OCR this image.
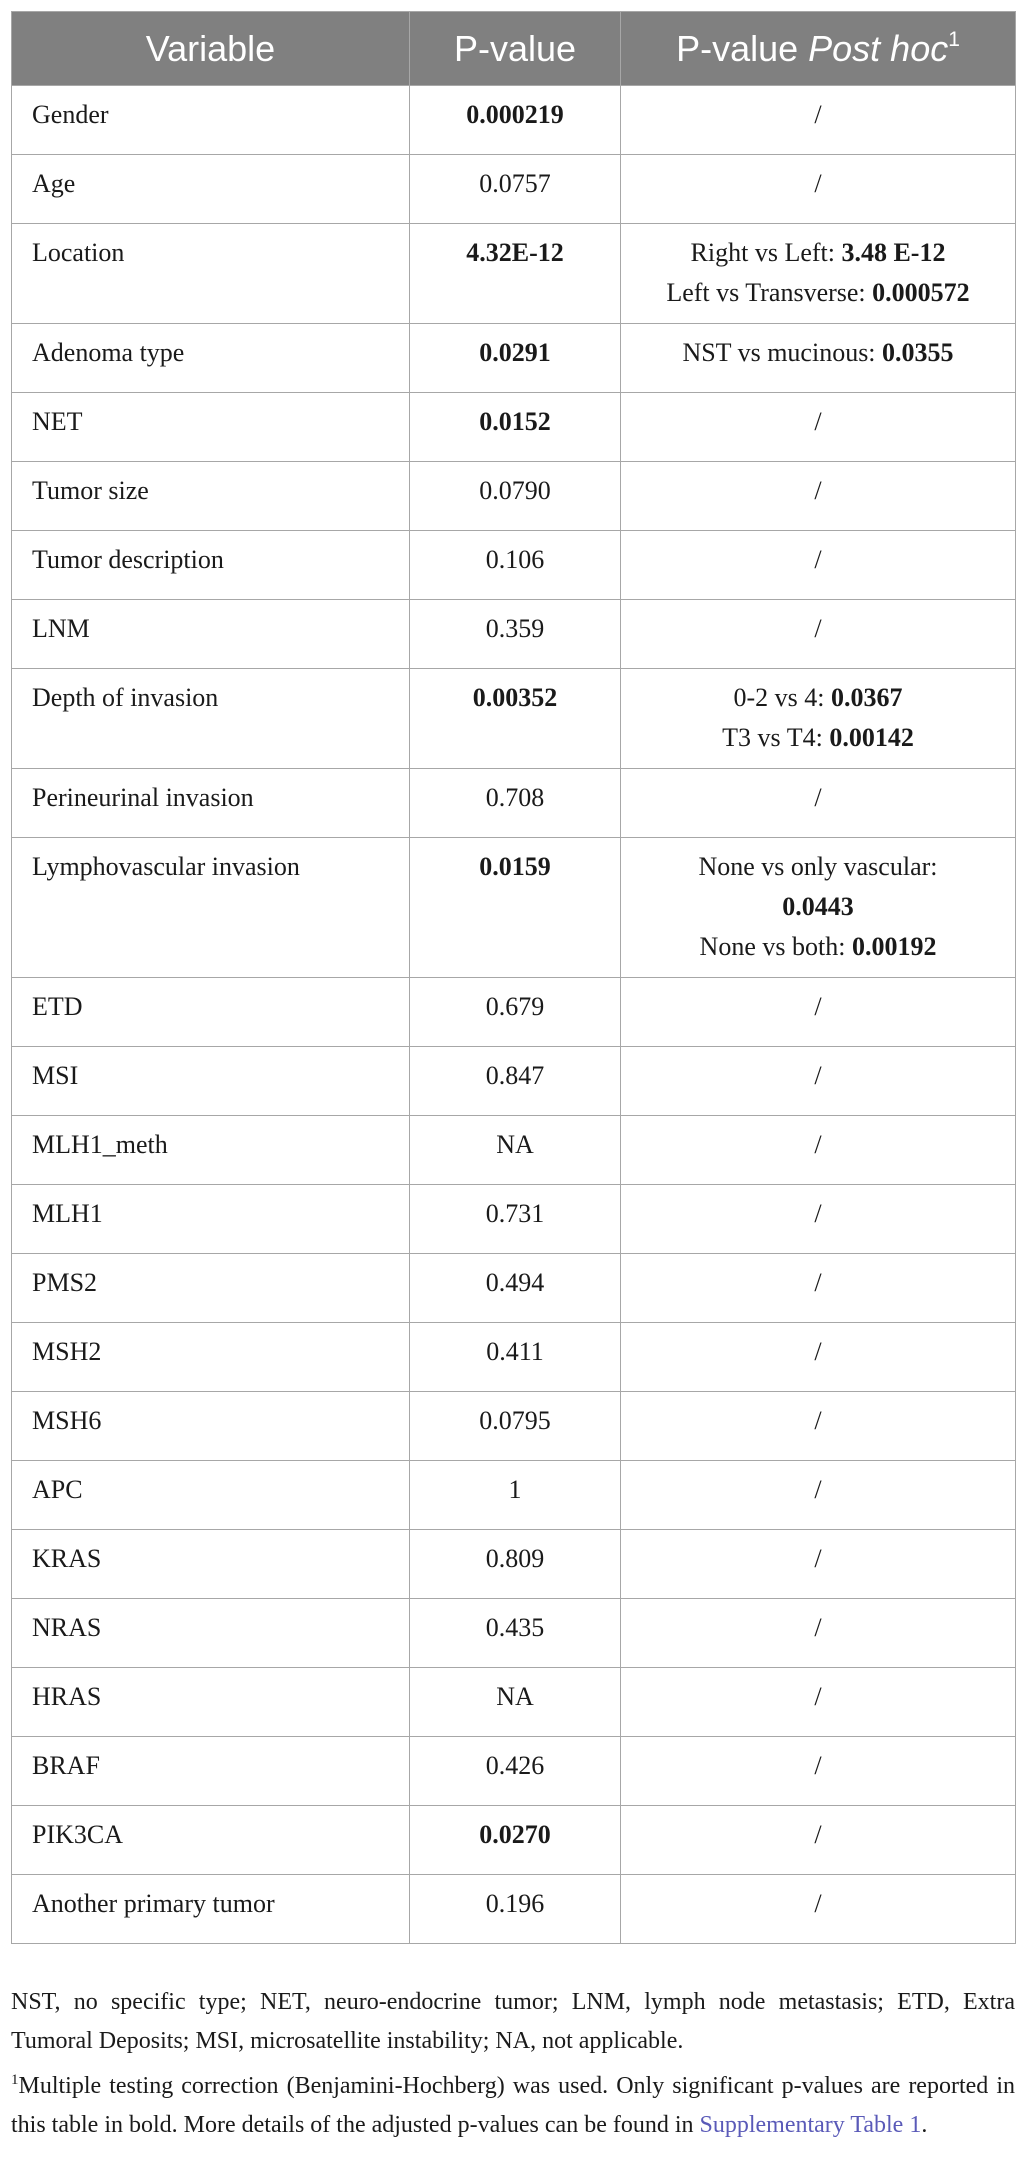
Variable	P-value	P-value Post hoc$^1$
Gender	0.000219	/

Age	0.0757	/

Location	4.32E-12	Right vs Left: 3.48 E-12
Left vs Transverse: 0.000572

Adenoma type	0.0291	NST vs mucinous: 0.0355

NET	0.0152	/

Tumor size	0.0790	/

Tumor description	0.106	/

LNM	0.359	/

Depth of invasion	0.00352	0-2 vs 4: 0.0367
T3 vs T4: 0.00142

Perineurinal invasion	0.708	/

Lymphovascular invasion	0.0159	None vs only vascular:
0.0443
None vs both: 0.00192

ETD	0.679	/

MSI	0.847	/

MLH1_meth	NA	/

MLH1	0.731	/

PMS2	0.494	/

MSH2	0.411	/

MSH6	0.0795	/

APC	1	/

KRAS	0.809	/

NRAS	0.435	/

HRAS	NA	/

BRAF	0.426	/

PIK3CA	0.0270	/

Another primary tumor	0.196	/

NST, no specific type; NET, neuro-endocrine tumor; LNM, lymph node metastasis; ETD, Extra Tumoral Deposits; MSI, microsatellite instability; NA, not applicable.

$^1$Multiple testing correction (Benjamini-Hochberg) was used. Only significant p-values are reported in this table in bold. More details of the adjusted p-values can be found in Supplementary Table 1.
